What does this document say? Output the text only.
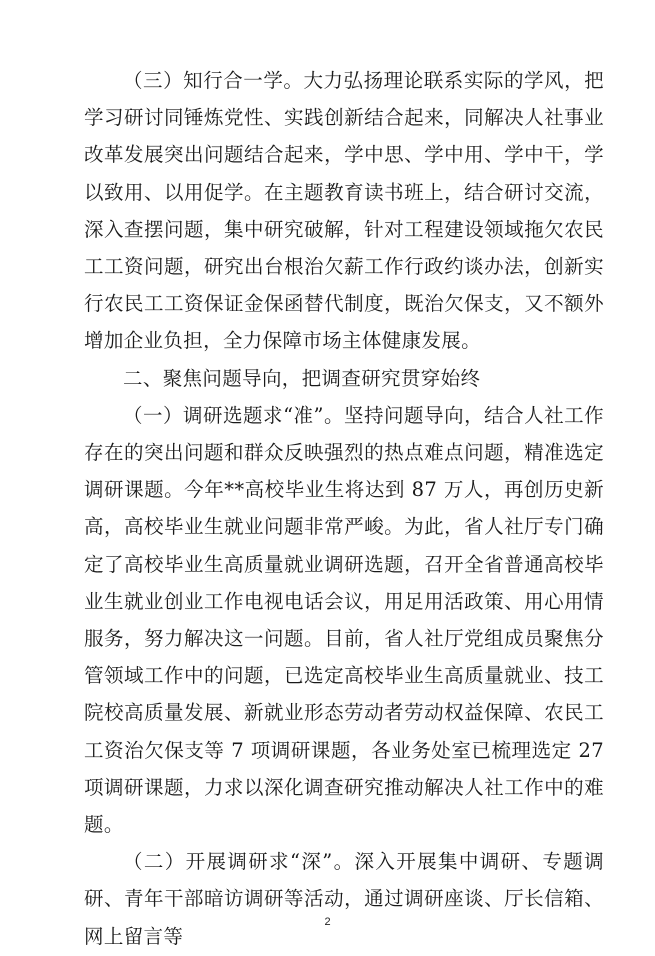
（三）知行合一学。大力弘扬理论联系实际的学风，把学习研讨同锤炼党性、实践创新结合起来，同解决人社事业改革发展突出问题结合起来，学中思、学中用、学中干，学以致用、以用促学。在主题教育读书班上，结合研讨交流，深入查摆问题，集中研究破解，针对工程建设领域拖欠农民工工资问题，研究出台根治欠薪工作行政约谈办法，创新实行农民工工资保证金保函替代制度，既治欠保支，又不额外增加企业负担，全力保障市场主体健康发展。

二、聚焦问题导向，把调查研究贯穿始终

（一）调研选题求“准”。坚持问题导向，结合人社工作存在的突出问题和群众反映强烈的热点难点问题，精准选定调研课题。今年**高校毕业生将达到 87 万人，再创历史新高，高校毕业生就业问题非常严峻。为此，省人社厅专门确定了高校毕业生高质量就业调研选题，召开全省普通高校毕业生就业创业工作电视电话会议，用足用活政策、用心用情服务，努力解决这一问题。目前，省人社厅党组成员聚焦分管领域工作中的问题，已选定高校毕业生高质量就业、技工院校高质量发展、新就业形态劳动者劳动权益保障、农民工工资治欠保支等 7 项调研课题，各业务处室已梳理选定 27 项调研课题，力求以深化调查研究推动解决人社工作中的难题。

（二）开展调研求“深”。深入开展集中调研、专题调研、青年干部暗访调研等活动，通过调研座谈、厅长信箱、网上留言等

2
